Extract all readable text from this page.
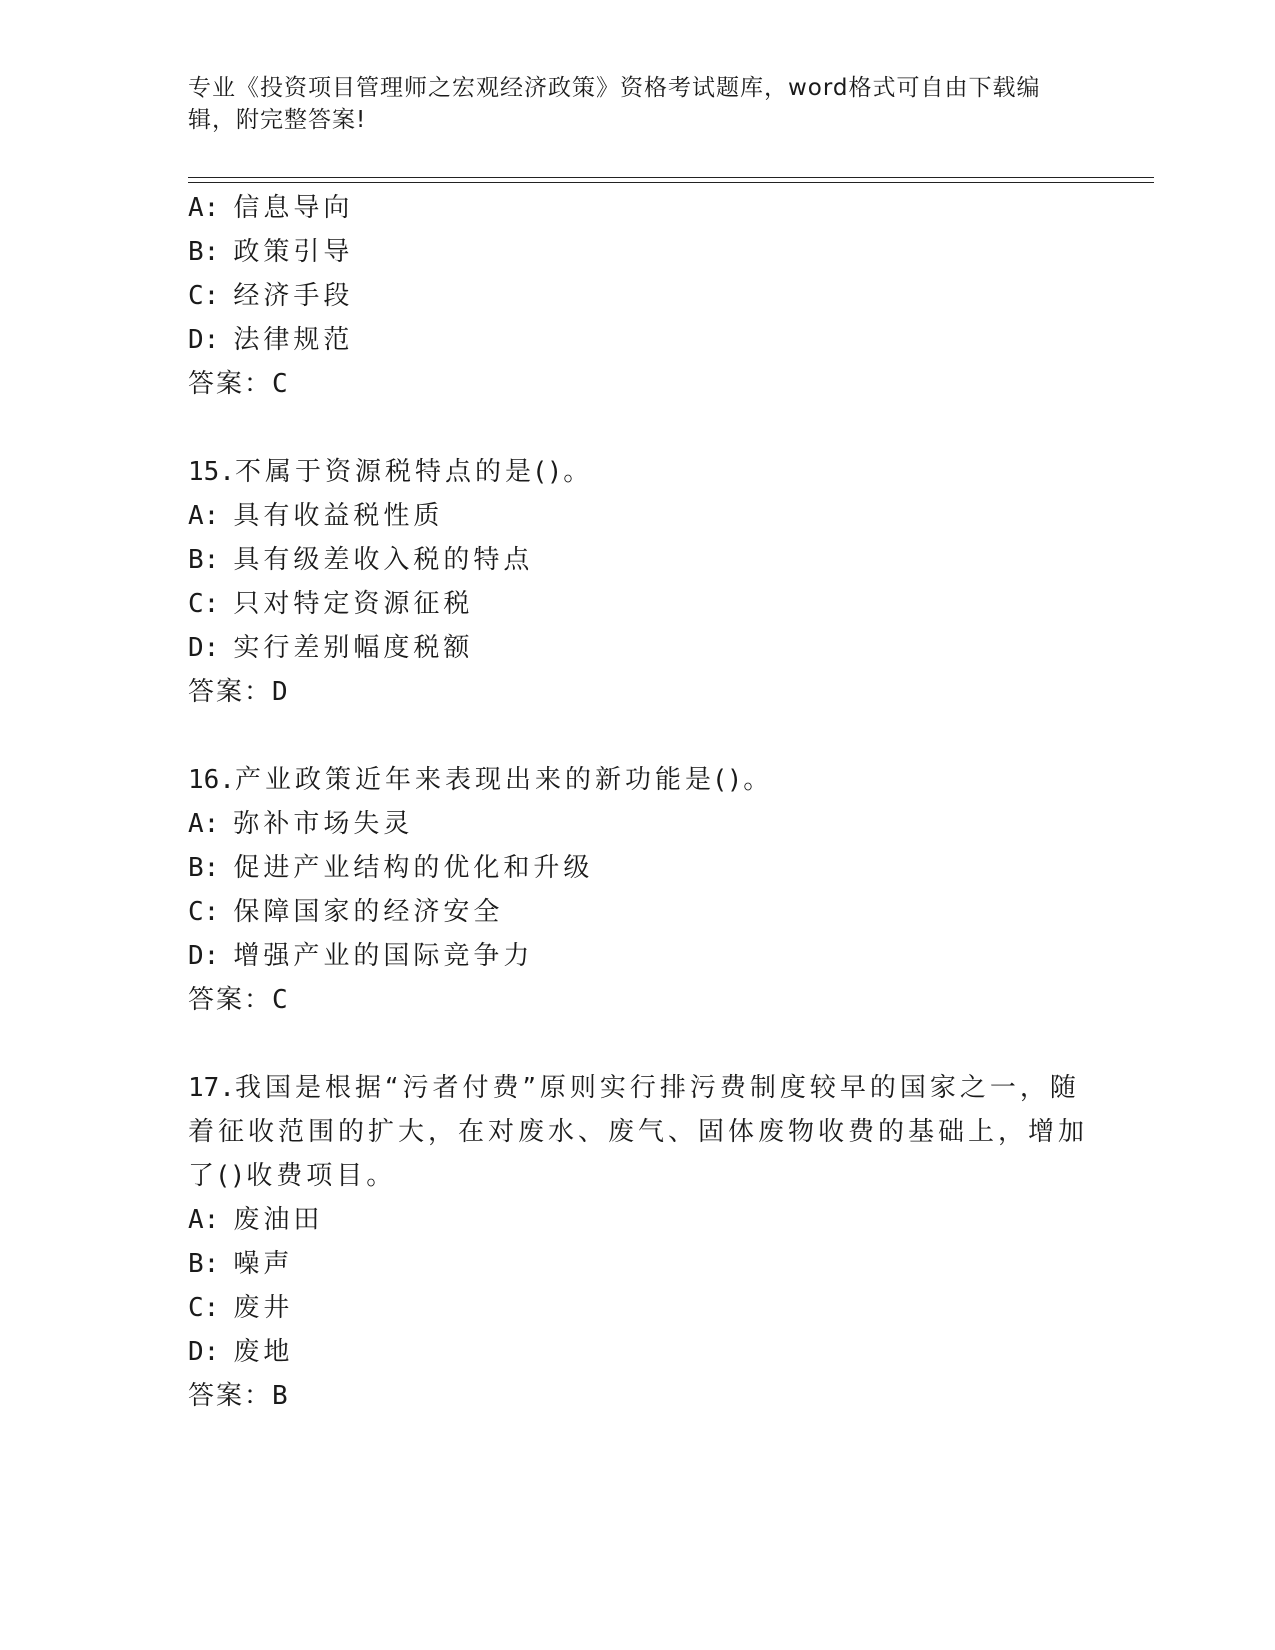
专业《投资项目管理师之宏观经济政策》资格考试题库，word格式可自由下载编辑，附完整答案!
A: 信息导向
B: 政策引导
C: 经济手段
D: 法律规范
答案：C
15.不属于资源税特点的是()。
A: 具有收益税性质
B: 具有级差收入税的特点
C: 只对特定资源征税
D: 实行差别幅度税额
答案：D
16.产业政策近年来表现出来的新功能是()。
A: 弥补市场失灵
B: 促进产业结构的优化和升级
C: 保障国家的经济安全
D: 增强产业的国际竞争力
答案：C
17.我国是根据“污者付费”原则实行排污费制度较早的国家之一，随
着征收范围的扩大，在对废水、废气、固体废物收费的基础上，增加
了()收费项目。
A: 废油田
B: 噪声
C: 废井
D: 废地
答案：B
